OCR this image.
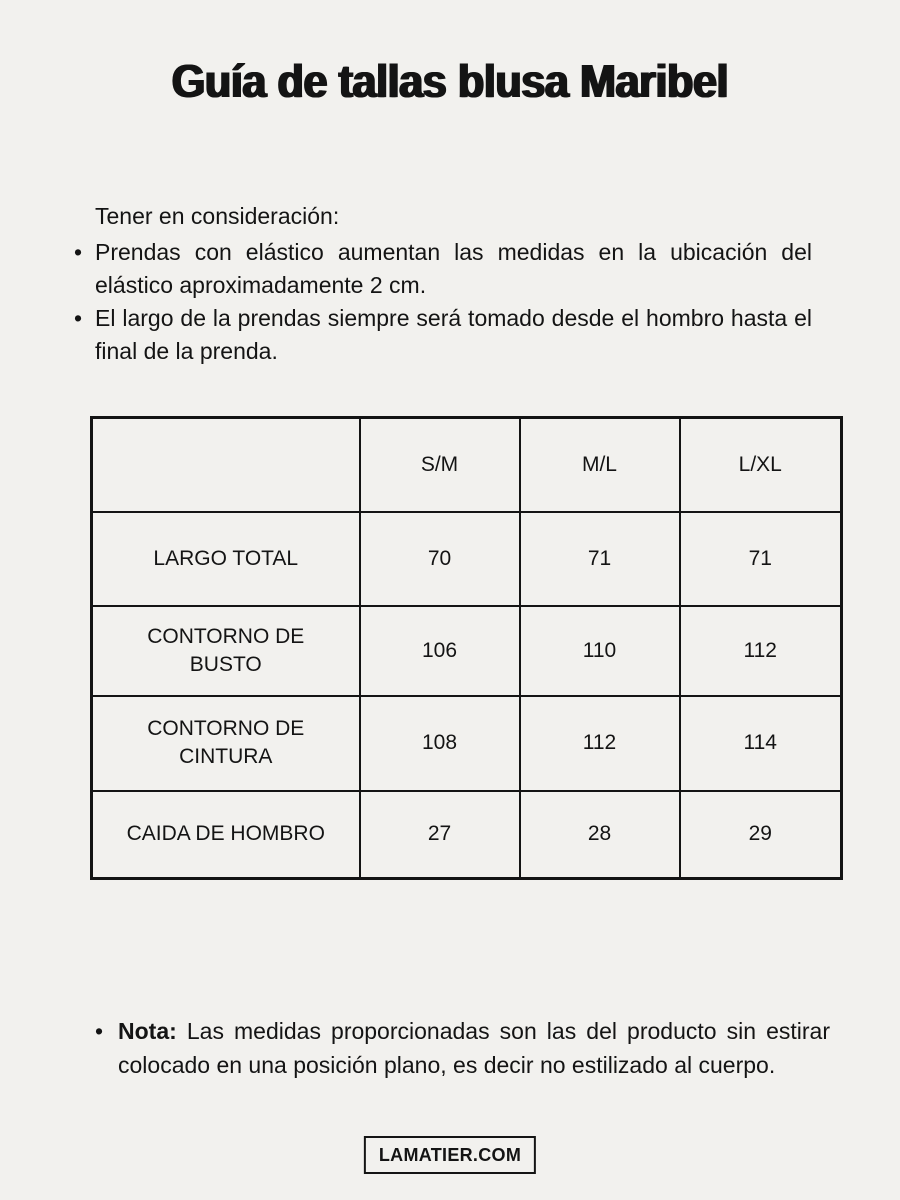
Guía de tallas blusa Maribel
Tener en consideración:
• Prendas con elástico aumentan las medidas en la ubicación del elástico aproximadamente 2 cm.
• El largo de la prendas siempre será tomado desde el hombro hasta el final de la prenda.
	S/M	M/L	L/XL
LARGO TOTAL	70	71	71
CONTORNO DE BUSTO	106	110	112
CONTORNO DE CINTURA	108	112	114
CAIDA DE HOMBRO	27	28	29
• Nota: Las medidas proporcionadas son las del producto sin estirar colocado en una posición plano, es decir no estilizado al cuerpo.
LAMATIER.COM
